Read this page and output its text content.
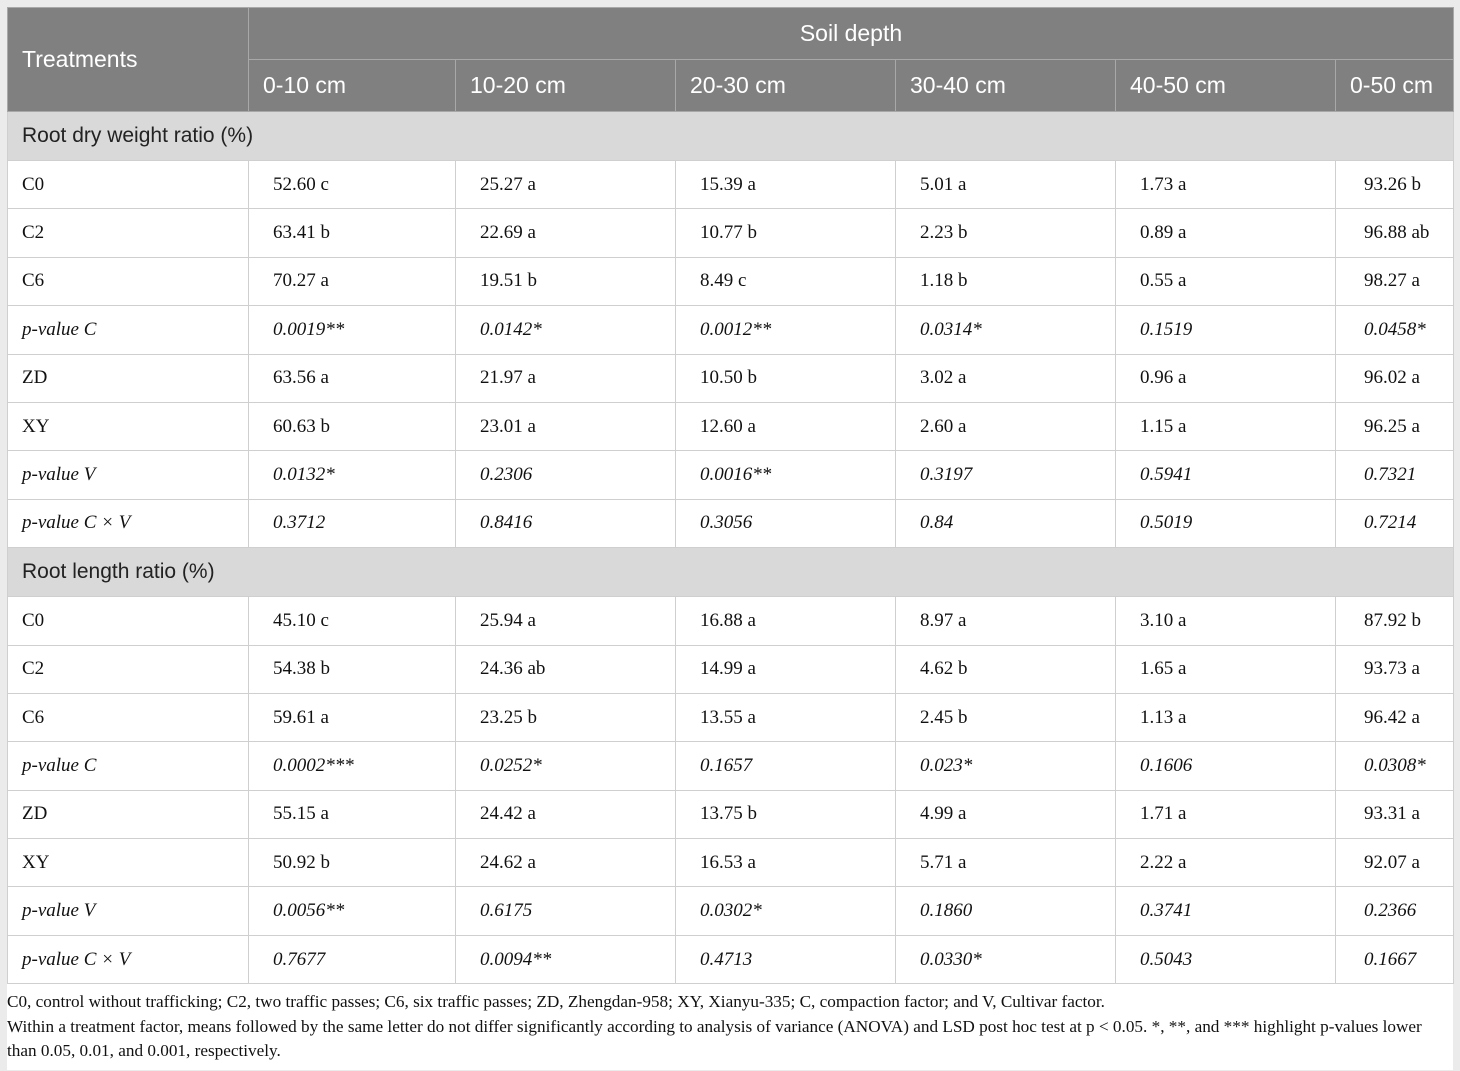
Treatments	Soil depth					
	0-10 cm	10-20 cm	20-30 cm	30-40 cm	40-50 cm	0-50 cm
Root dry weight ratio (%)						
C0	52.60 c	25.27 a	15.39 a	5.01 a	1.73 a	93.26 b
C2	63.41 b	22.69 a	10.77 b	2.23 b	0.89 a	96.88 ab
C6	70.27 a	19.51 b	8.49 c	1.18 b	0.55 a	98.27 a
p-value C	0.0019**	0.0142*	0.0012**	0.0314*	0.1519	0.0458*
ZD	63.56 a	21.97 a	10.50 b	3.02 a	0.96 a	96.02 a
XY	60.63 b	23.01 a	12.60 a	2.60 a	1.15 a	96.25 a
p-value V	0.0132*	0.2306	0.0016**	0.3197	0.5941	0.7321
p-value C × V	0.3712	0.8416	0.3056	0.84	0.5019	0.7214
Root length ratio (%)						
C0	45.10 c	25.94 a	16.88 a	8.97 a	3.10 a	87.92 b
C2	54.38 b	24.36 ab	14.99 a	4.62 b	1.65 a	93.73 a
C6	59.61 a	23.25 b	13.55 a	2.45 b	1.13 a	96.42 a
p-value C	0.0002***	0.0252*	0.1657	0.023*	0.1606	0.0308*
ZD	55.15 a	24.42 a	13.75 b	4.99 a	1.71 a	93.31 a
XY	50.92 b	24.62 a	16.53 a	5.71 a	2.22 a	92.07 a
p-value V	0.0056**	0.6175	0.0302*	0.1860	0.3741	0.2366
p-value C × V	0.7677	0.0094**	0.4713	0.0330*	0.5043	0.1667

C0, control without trafficking; C2, two traffic passes; C6, six traffic passes; ZD, Zhengdan-958; XY, Xianyu-335; C, compaction factor; and V, Cultivar factor.

Within a treatment factor, means followed by the same letter do not differ significantly according to analysis of variance (ANOVA) and LSD post hoc test at p < 0.05. *, **, and *** highlight p-values lower than 0.05, 0.01, and 0.001, respectively.
